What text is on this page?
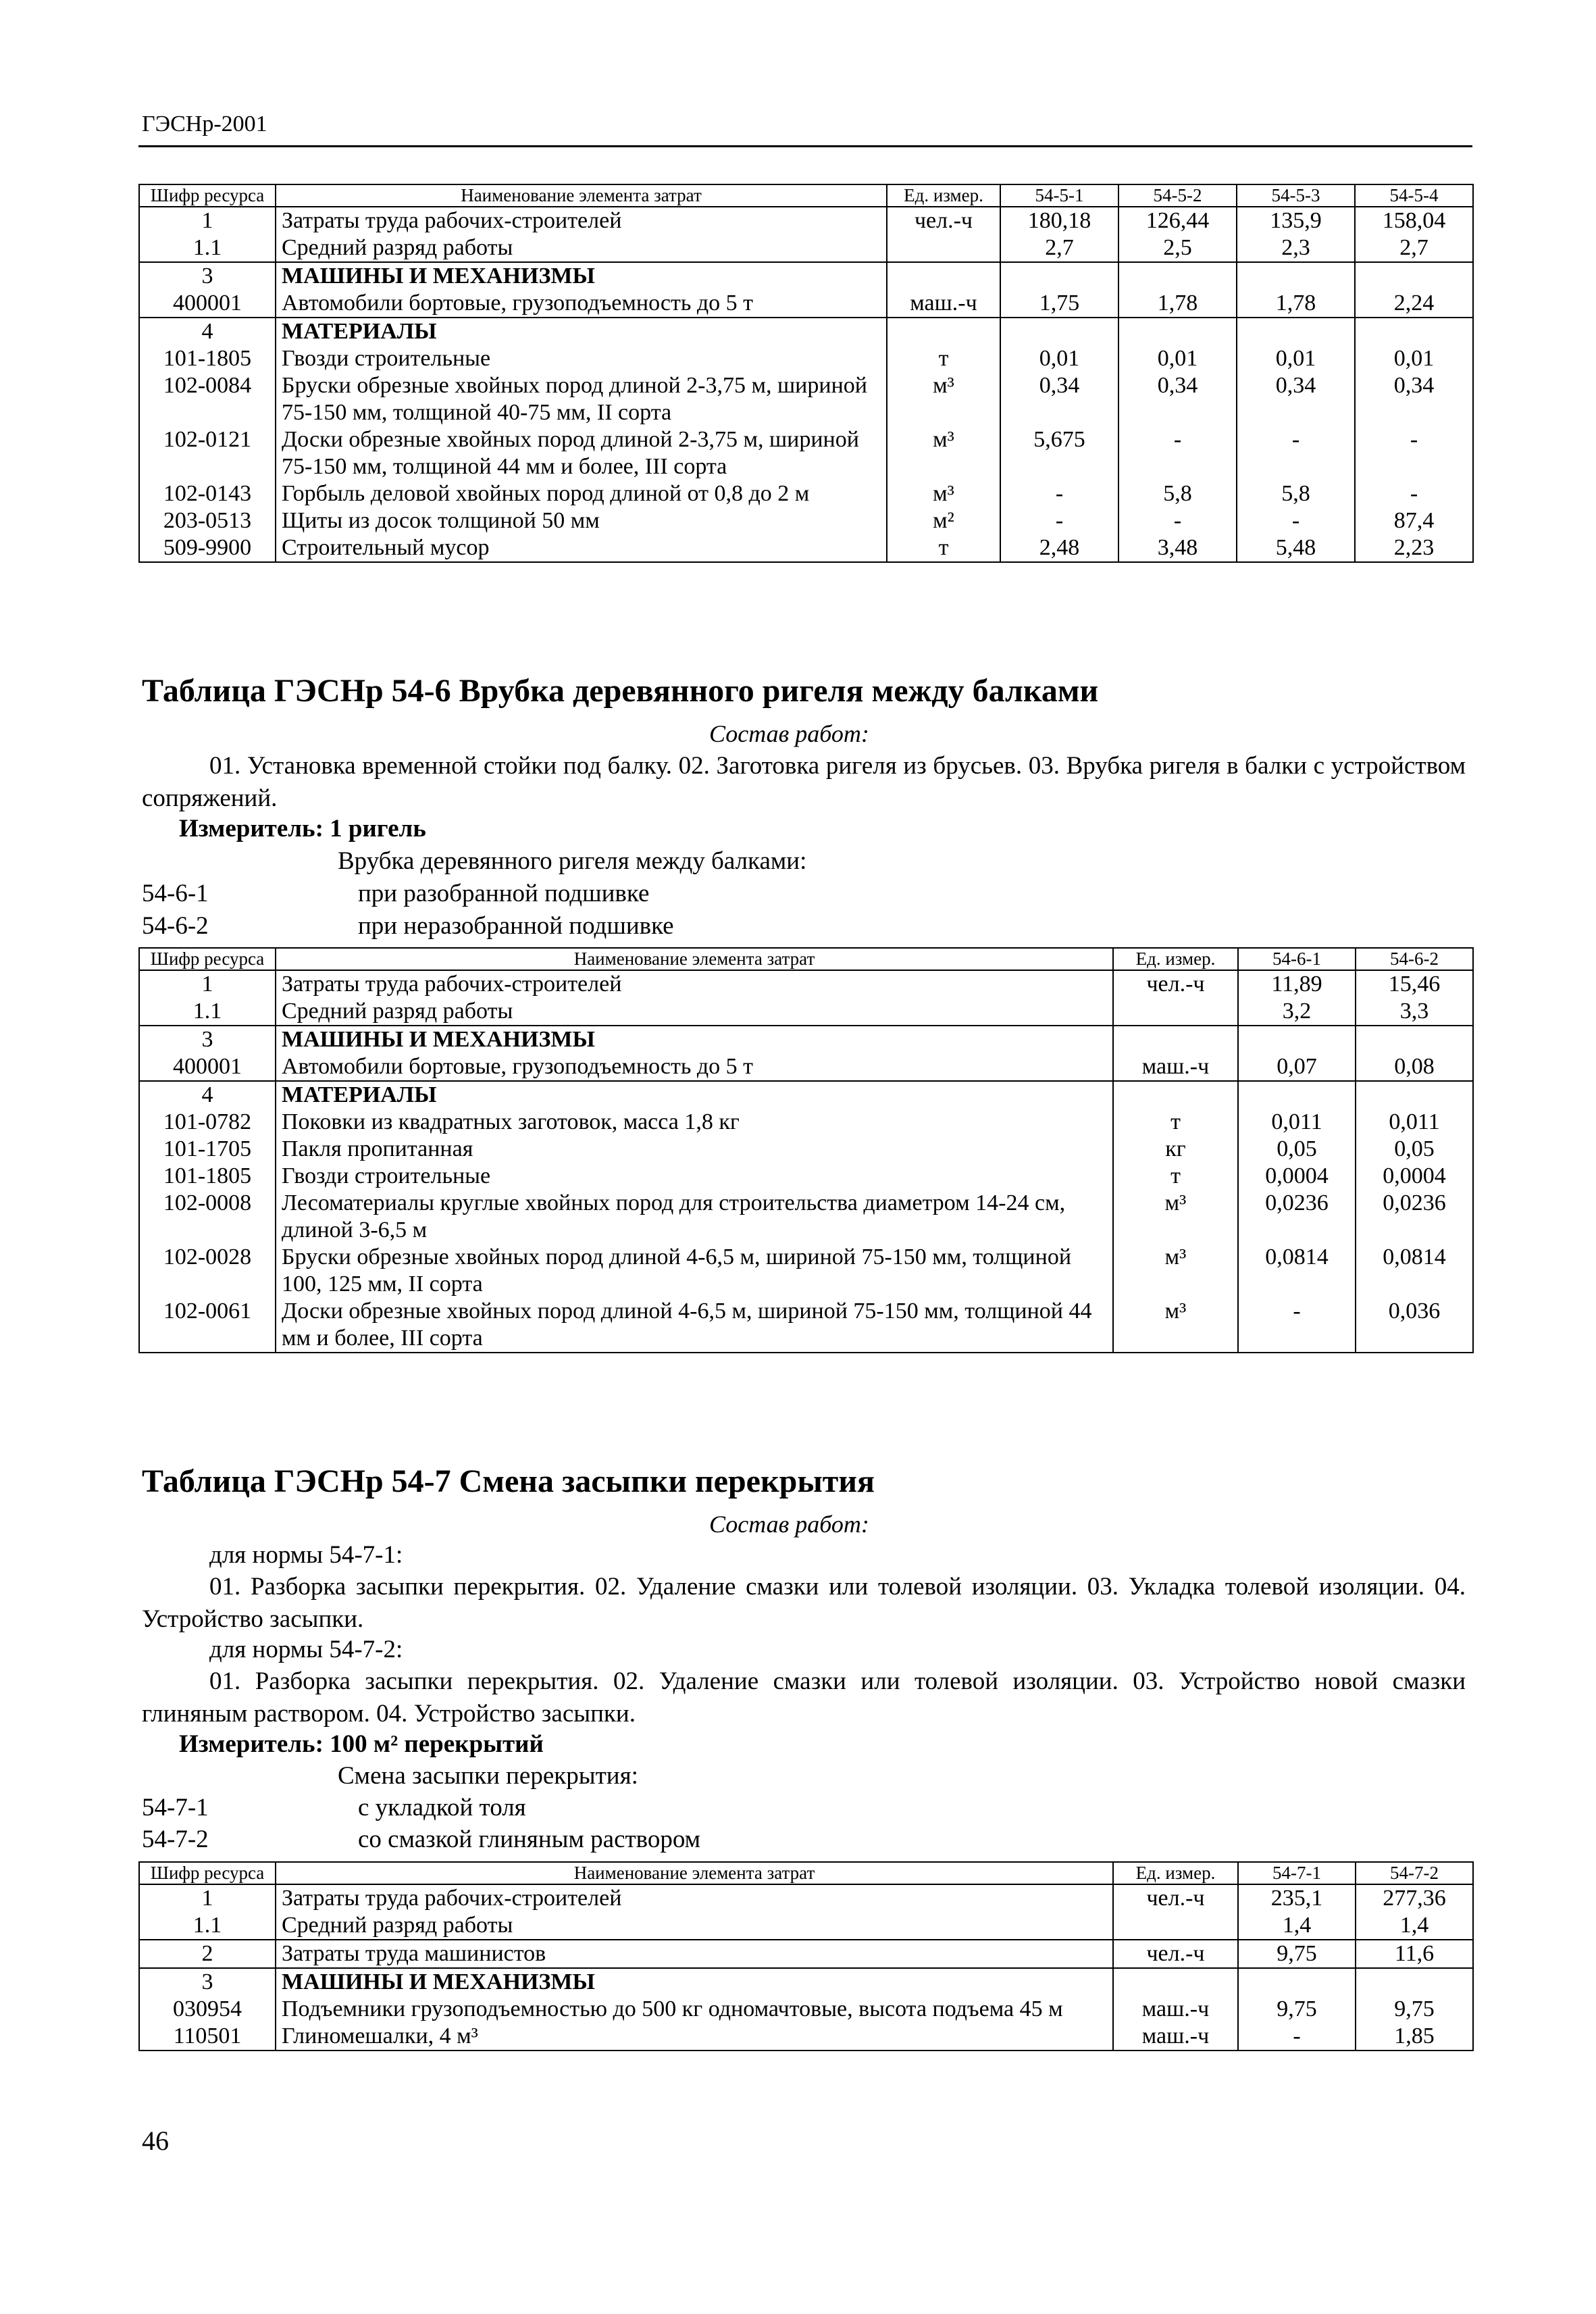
ГЭСНр-2001
Шифр ресурса	Наименование элемента затрат	Ед. измер.	54-5-1	54-5-2	54-5-3	54-5-4
1	Затраты труда рабочих-строителей	чел.-ч	180,18	126,44	135,9	158,04
1.1	Средний разряд работы		2,7	2,5	2,3	2,7
3	МАШИНЫ И МЕХАНИЗМЫ					
400001	Автомобили бортовые, грузоподъемность до 5 т	маш.-ч	1,75	1,78	1,78	2,24
4	МАТЕРИАЛЫ					
101-1805	Гвозди строительные	т	0,01	0,01	0,01	0,01
102-0084	Бруски обрезные хвойных пород длиной 2-3,75 м, шириной 75-150 мм, толщиной 40-75 мм, II сорта	м³	0,34	0,34	0,34	0,34
102-0121	Доски обрезные хвойных пород длиной 2-3,75 м, шириной 75-150 мм, толщиной 44 мм и более, III сорта	м³	5,675	-	-	-
102-0143	Горбыль деловой хвойных пород длиной от 0,8 до 2 м	м³	-	5,8	5,8	-
203-0513	Щиты из досок толщиной 50 мм	м²	-	-	-	87,4
509-9900	Строительный мусор	т	2,48	3,48	5,48	2,23
Таблица ГЭСНр 54-6 Врубка деревянного ригеля между балками
Состав работ:
01. Установка временной стойки под балку. 02. Заготовка ригеля из брусьев. 03. Врубка ригеля в балки с устройством сопряжений.
Измеритель: 1 ригель
Врубка деревянного ригеля между балками:
54-6-1	при разобранной подшивке
54-6-2	при неразобранной подшивке
Шифр ресурса	Наименование элемента затрат	Ед. измер.	54-6-1	54-6-2
1	Затраты труда рабочих-строителей	чел.-ч	11,89	15,46
1.1	Средний разряд работы		3,2	3,3
3	МАШИНЫ И МЕХАНИЗМЫ			
400001	Автомобили бортовые, грузоподъемность до 5 т	маш.-ч	0,07	0,08
4	МАТЕРИАЛЫ			
101-0782	Поковки из квадратных заготовок, масса 1,8 кг	т	0,011	0,011
101-1705	Пакля пропитанная	кг	0,05	0,05
101-1805	Гвозди строительные	т	0,0004	0,0004
102-0008	Лесоматериалы круглые хвойных пород для строительства диаметром 14-24 см, длиной 3-6,5 м	м³	0,0236	0,0236
102-0028	Бруски обрезные хвойных пород длиной 4-6,5 м, шириной 75-150 мм, толщиной 100, 125 мм, II сорта	м³	0,0814	0,0814
102-0061	Доски обрезные хвойных пород длиной 4-6,5 м, шириной 75-150 мм, толщиной 44 мм и более, III сорта	м³	-	0,036
Таблица ГЭСНр 54-7 Смена засыпки перекрытия
Состав работ:
для нормы 54-7-1:
01. Разборка засыпки перекрытия. 02. Удаление смазки или толевой изоляции. 03. Укладка толевой изоляции. 04. Устройство засыпки.
для нормы 54-7-2:
01. Разборка засыпки перекрытия. 02. Удаление смазки или толевой изоляции. 03. Устройство новой смазки глиняным раствором. 04. Устройство засыпки.
Измеритель: 100 м² перекрытий
Смена засыпки перекрытия:
54-7-1	с укладкой толя
54-7-2	со смазкой глиняным раствором
Шифр ресурса	Наименование элемента затрат	Ед. измер.	54-7-1	54-7-2
1	Затраты труда рабочих-строителей	чел.-ч	235,1	277,36
1.1	Средний разряд работы		1,4	1,4
2	Затраты труда машинистов	чел.-ч	9,75	11,6
3	МАШИНЫ И МЕХАНИЗМЫ			
030954	Подъемники грузоподъемностью до 500 кг одномачтовые, высота подъема 45 м	маш.-ч	9,75	9,75
110501	Глиномешалки, 4 м³	маш.-ч	-	1,85
46
